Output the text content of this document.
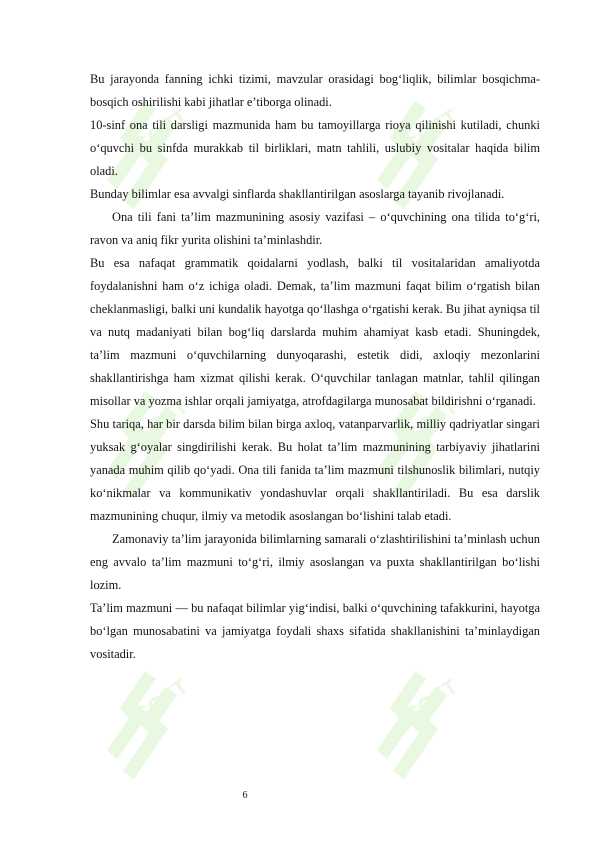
Bu jarayonda fanning ichki tizimi, mavzular orasidagi bog‘liqlik, bilimlar bosqichma-bosqich oshirilishi kabi jihatlar e’tiborga olinadi.

10-sinf ona tili darsligi mazmunida ham bu tamoyillarga rioya qilinishi kutiladi, chunki o‘quvchi bu sinfda murakkab til birliklari, matn tahlili, uslubiy vositalar haqida bilim oladi.

Bunday bilimlar esa avvalgi sinflarda shakllantirilgan asoslarga tayanib rivojlanadi.

Ona tili fani ta’lim mazmunining asosiy vazifasi – o‘quvchining ona tilida to‘g‘ri, ravon va aniq fikr yurita olishini ta’minlashdir.

Bu esa nafaqat grammatik qoidalarni yodlash, balki til vositalaridan amaliyotda foydalanishni ham o‘z ichiga oladi. Demak, ta’lim mazmuni faqat bilim o‘rgatish bilan cheklanmasligi, balki uni kundalik hayotga qo‘llashga o‘rgatishi kerak. Bu jihat ayniqsa til va nutq madaniyati bilan bog‘liq darslarda muhim ahamiyat kasb etadi. Shuningdek, ta’lim mazmuni o‘quvchilarning dunyoqarashi, estetik didi, axloqiy mezonlarini shakllantirishga ham xizmat qilishi kerak. O‘quvchilar tanlagan matnlar, tahlil qilingan misollar va yozma ishlar orqali jamiyatga, atrofdagilarga munosabat bildirishni o‘rganadi.

Shu tariqa, har bir darsda bilim bilan birga axloq, vatanparvarlik, milliy qadriyatlar singari yuksak g‘oyalar singdirilishi kerak. Bu holat ta’lim mazmunining tarbiyaviy jihatlarini yanada muhim qilib qo‘yadi. Ona tili fanida ta’lim mazmuni tilshunoslik bilimlari, nutqiy ko‘nikmalar va kommunikativ yondashuvlar orqali shakllantiriladi. Bu esa darslik mazmunining chuqur, ilmiy va metodik asoslangan bo‘lishini talab etadi.

Zamonaviy ta’lim jarayonida bilimlarning samarali o‘zlashtirilishini ta’minlash uchun eng avvalo ta’lim mazmuni to‘g‘ri, ilmiy asoslangan va puxta shakllantirilgan bo‘lishi lozim.

Ta’lim mazmuni — bu nafaqat bilimlar yig‘indisi, balki o‘quvchining tafakkurini, hayotga bo‘lgan munosabatini va jamiyatga foydali shaxs sifatida shakllanishini ta’minlaydigan vositadir.

6
